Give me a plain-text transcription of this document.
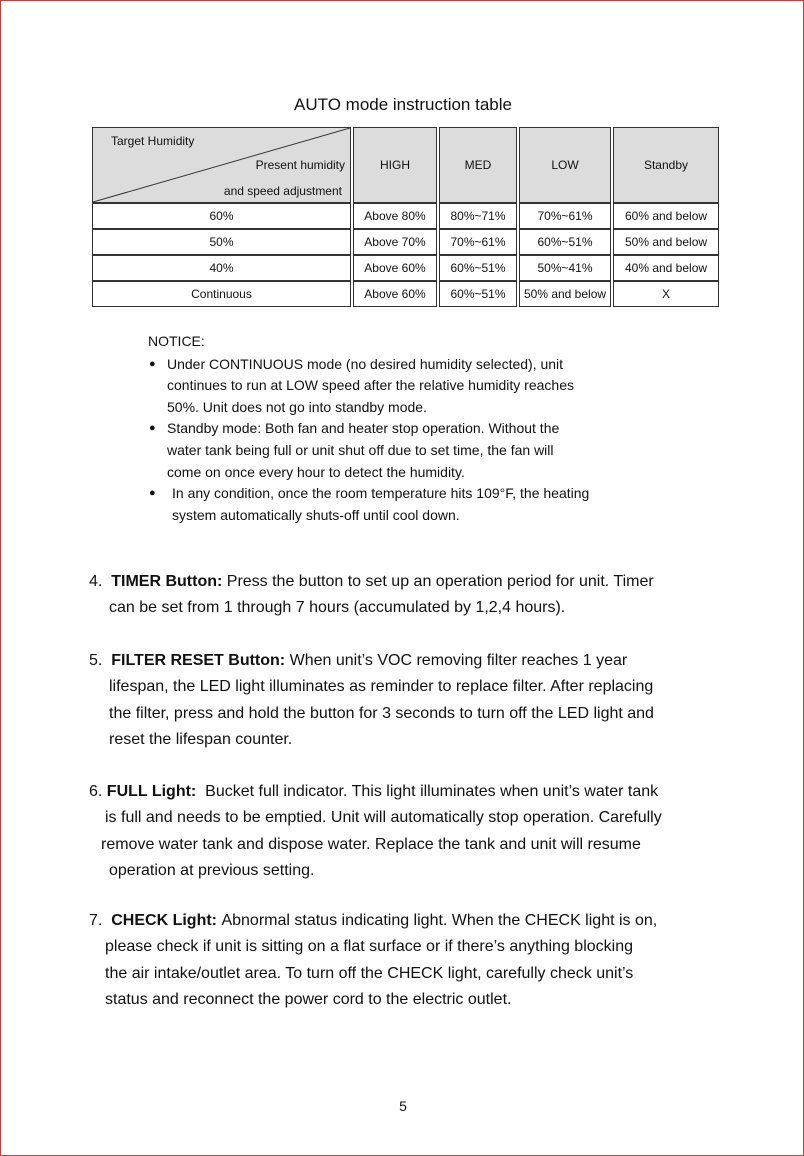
AUTO mode instruction table
Target Humidity
Present humidity
and speed adjustment	HIGH	MED	LOW	Standby
60%	Above 80%	80%~71%	70%~61%	60% and below
50%	Above 70%	70%~61%	60%~51%	50% and below
40%	Above 60%	60%~51%	50%~41%	40% and below
Continuous	Above 60%	60%~51%	50% and below	X
NOTICE:
● Under CONTINUOUS mode (no desired humidity selected), unit
continues to run at LOW speed after the relative humidity reaches
50%. Unit does not go into standby mode.
● Standby mode: Both fan and heater stop operation. Without the
water tank being full or unit shut off due to set time, the fan will
come on once every hour to detect the humidity.
● In any condition, once the room temperature hits 109°F, the heating
system automatically shuts-off until cool down.
4. TIMER Button: Press the button to set up an operation period for unit. Timer
can be set from 1 through 7 hours (accumulated by 1,2,4 hours).
5. FILTER RESET Button: When unit’s VOC removing filter reaches 1 year
lifespan, the LED light illuminates as reminder to replace filter. After replacing
the filter, press and hold the button for 3 seconds to turn off the LED light and
reset the lifespan counter.
6. FULL Light: Bucket full indicator. This light illuminates when unit’s water tank
is full and needs to be emptied. Unit will automatically stop operation. Carefully
remove water tank and dispose water. Replace the tank and unit will resume
operation at previous setting.
7. CHECK Light: Abnormal status indicating light. When the CHECK light is on,
please check if unit is sitting on a flat surface or if there’s anything blocking
the air intake/outlet area. To turn off the CHECK light, carefully check unit’s
status and reconnect the power cord to the electric outlet.
5
